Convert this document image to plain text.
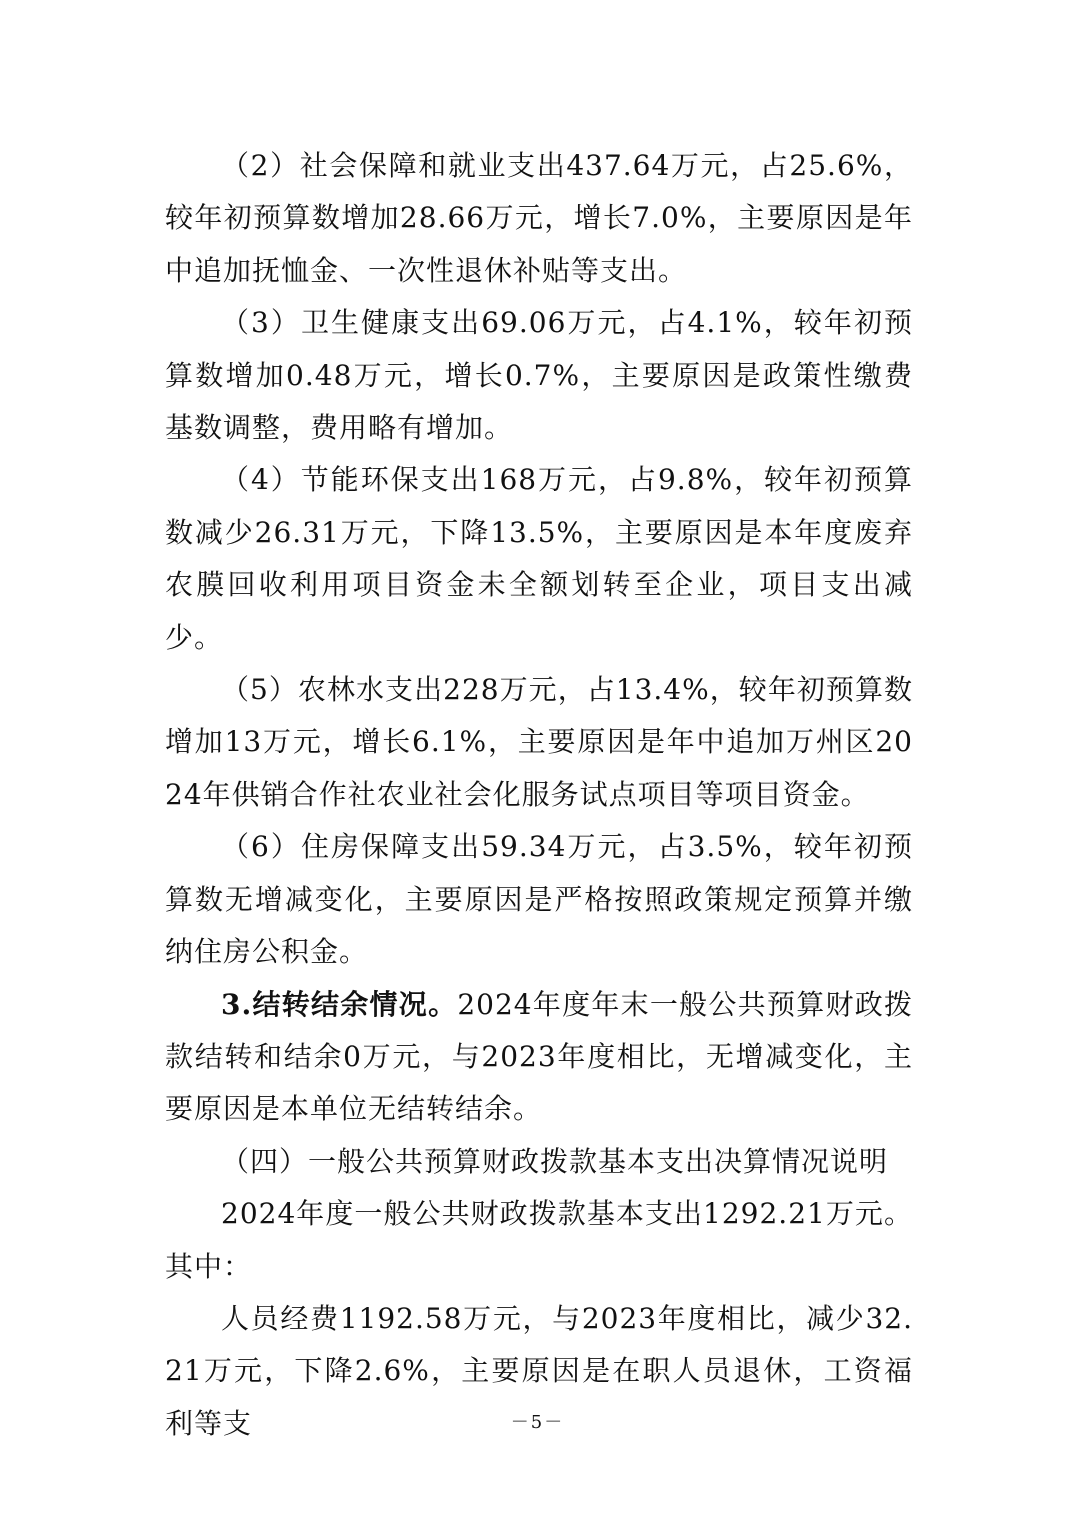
（2）社会保障和就业支出437.64万元，占25.6%，较年初预算数增加28.66万元，增长7.0%，主要原因是年中追加抚恤金、一次性退休补贴等支出。

（3）卫生健康支出69.06万元，占4.1%，较年初预算数增加0.48万元，增长0.7%，主要原因是政策性缴费基数调整，费用略有增加。

（4）节能环保支出168万元，占9.8%，较年初预算数减少26.31万元，下降13.5%，主要原因是本年度废弃农膜回收利用项目资金未全额划转至企业，项目支出减少。

（5）农林水支出228万元，占13.4%，较年初预算数增加13万元，增长6.1%，主要原因是年中追加万州区2024年供销合作社农业社会化服务试点项目等项目资金。

（6）住房保障支出59.34万元，占3.5%，较年初预算数无增减变化，主要原因是严格按照政策规定预算并缴纳住房公积金。

3.结转结余情况。2024年度年末一般公共预算财政拨款结转和结余0万元，与2023年度相比，无增减变化，主要原因是本单位无结转结余。

（四）一般公共预算财政拨款基本支出决算情况说明

2024年度一般公共财政拨款基本支出1292.21万元。其中：

人员经费1192.58万元，与2023年度相比，减少32.21万元，下降2.6%，主要原因是在职人员退休，工资福利等支	－5－
